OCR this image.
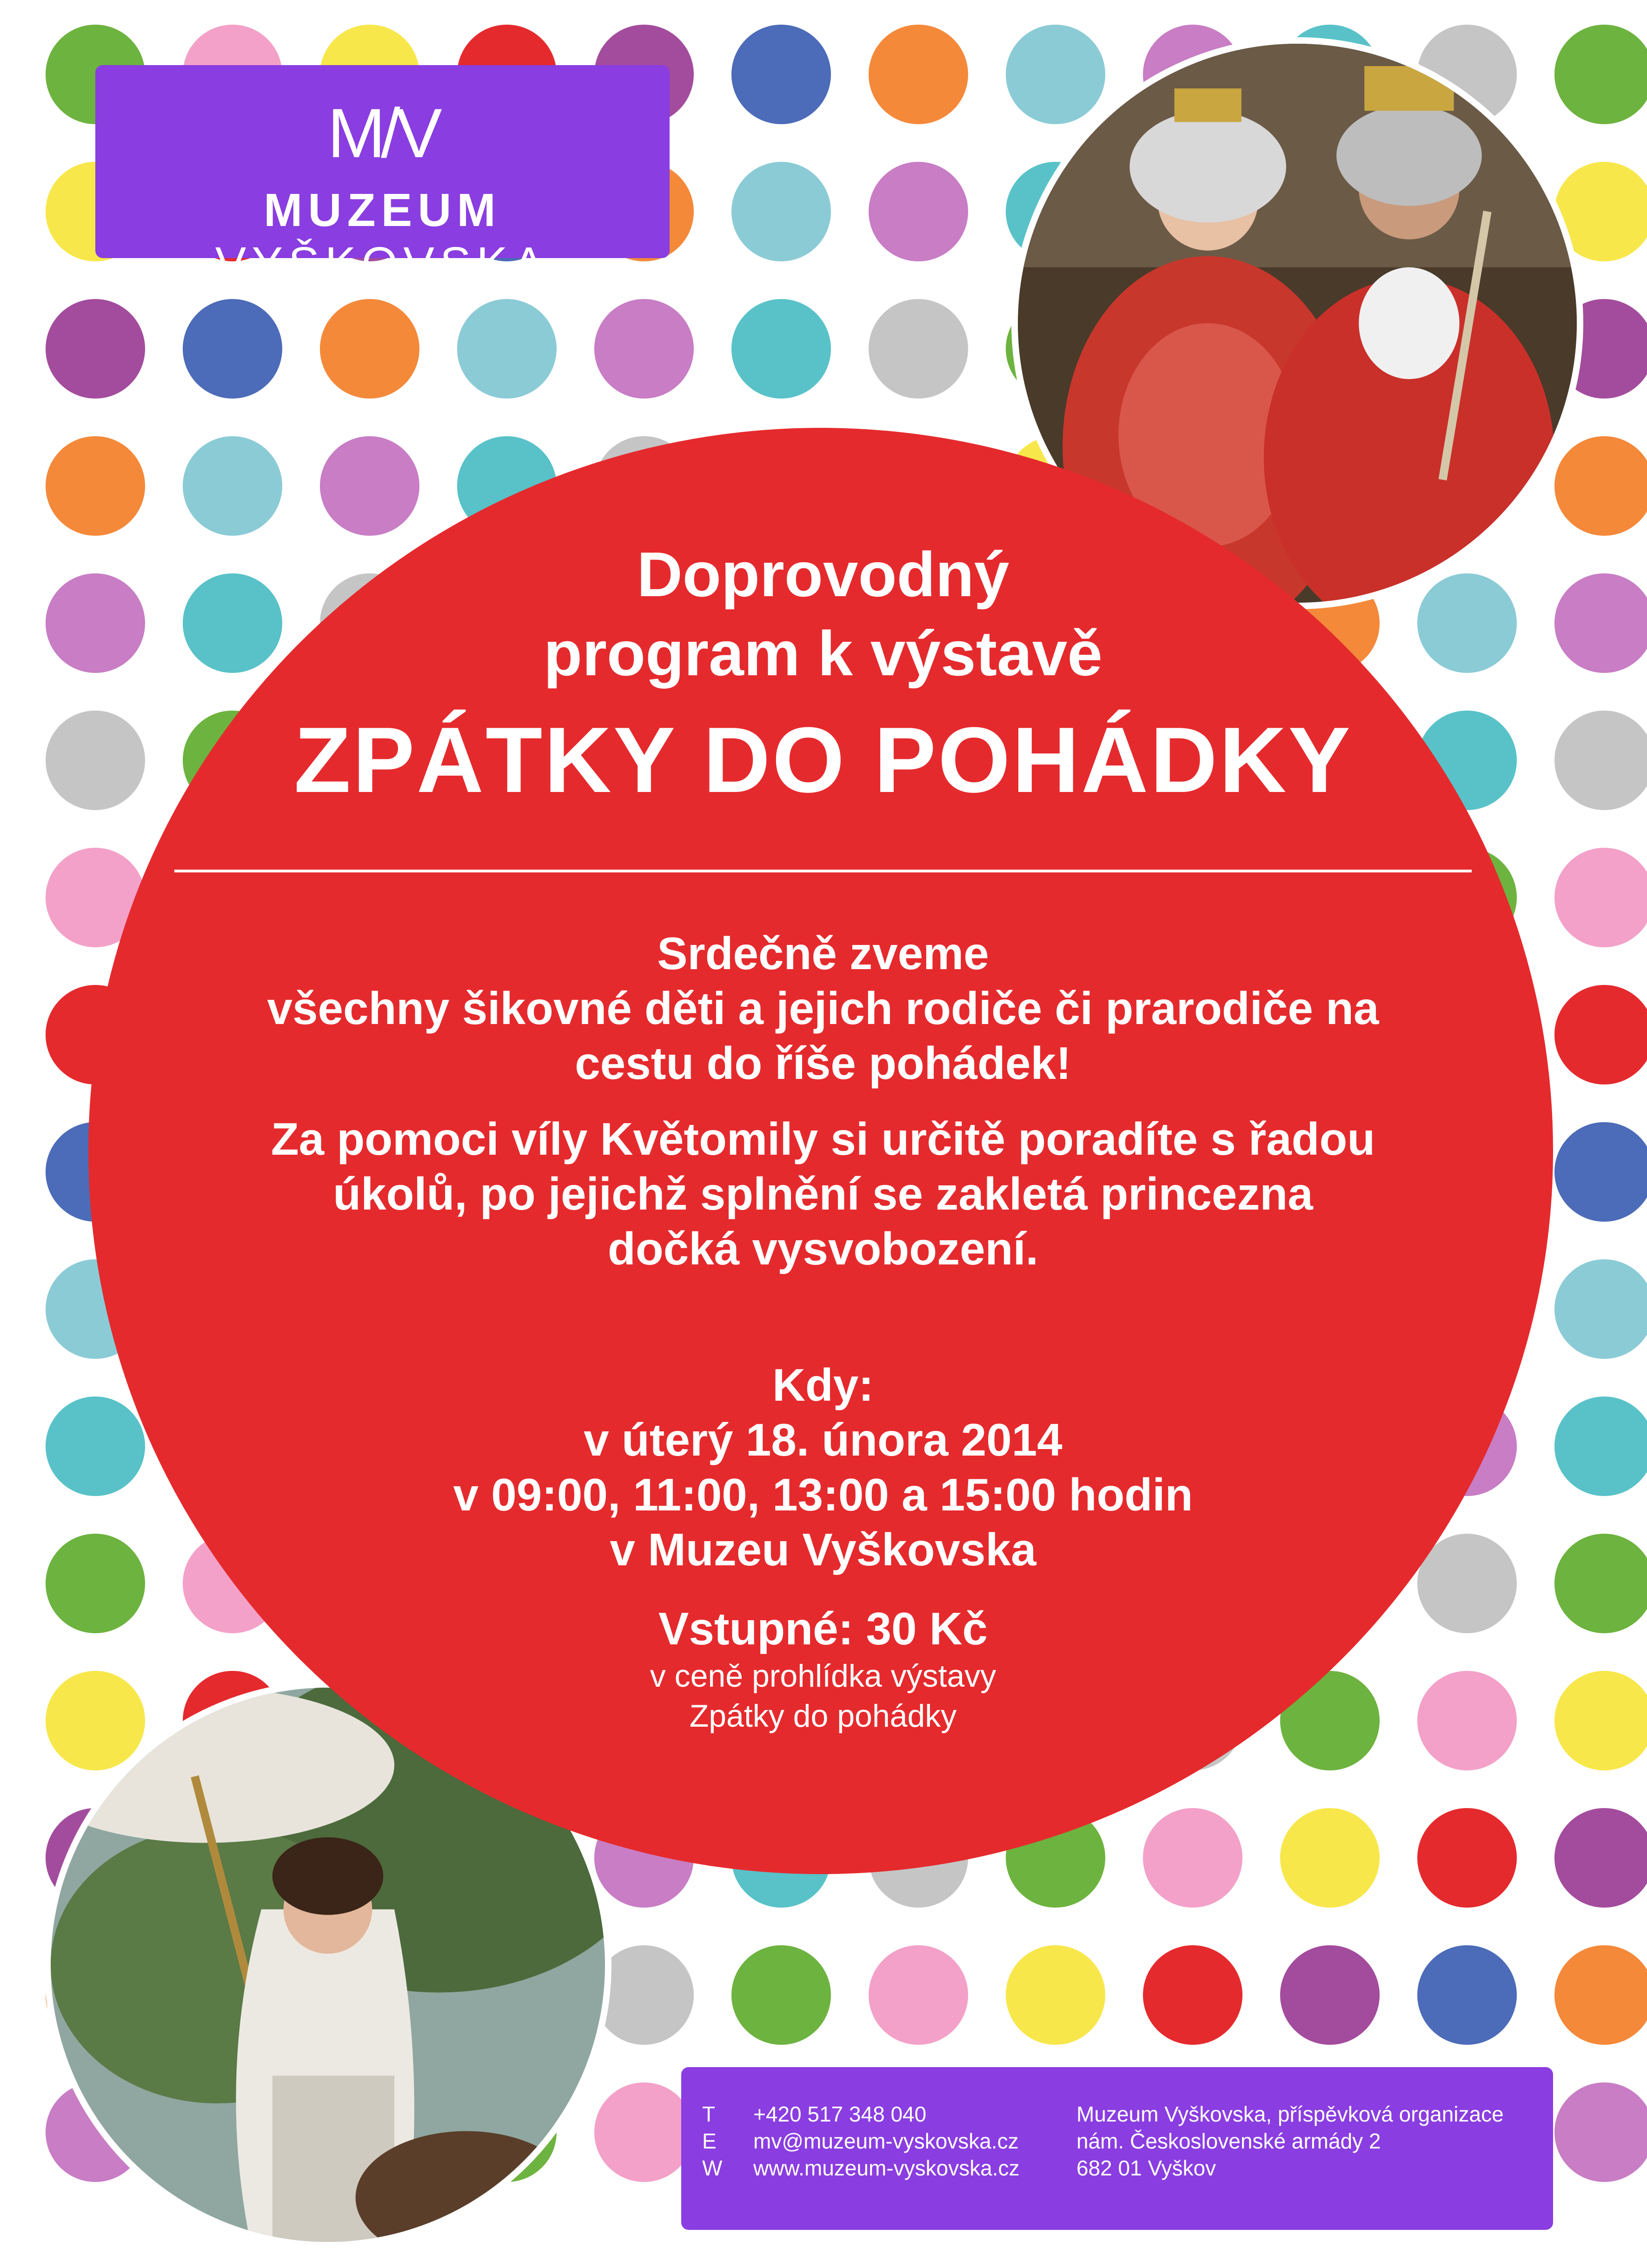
M/V
MUZEUM VYŠKOVSKA
Doprovodný
program k výstavě
ZPÁTKY DO POHÁDKY
Srdečně zveme
všechny šikovné děti a jejich rodiče či prarodiče na
cestu do říše pohádek!
Za pomoci víly Květomily si určitě poradíte s řadou
úkolů, po jejichž splnění se zakletá princezna
dočká vysvobození.
Kdy:
v úterý 18. února 2014
v 09:00, 11:00, 13:00 a 15:00 hodin
v Muzeu Vyškovska
Vstupné: 30 Kč
v ceně prohlídka výstavy
Zpátky do pohádky
T
E
W
+420 517 348 040
mv@muzeum-vyskovska.cz
www.muzeum-vyskovska.cz
Muzeum Vyškovska, příspěvková organizace
nám. Československé armády 2
682 01 Vyškov
